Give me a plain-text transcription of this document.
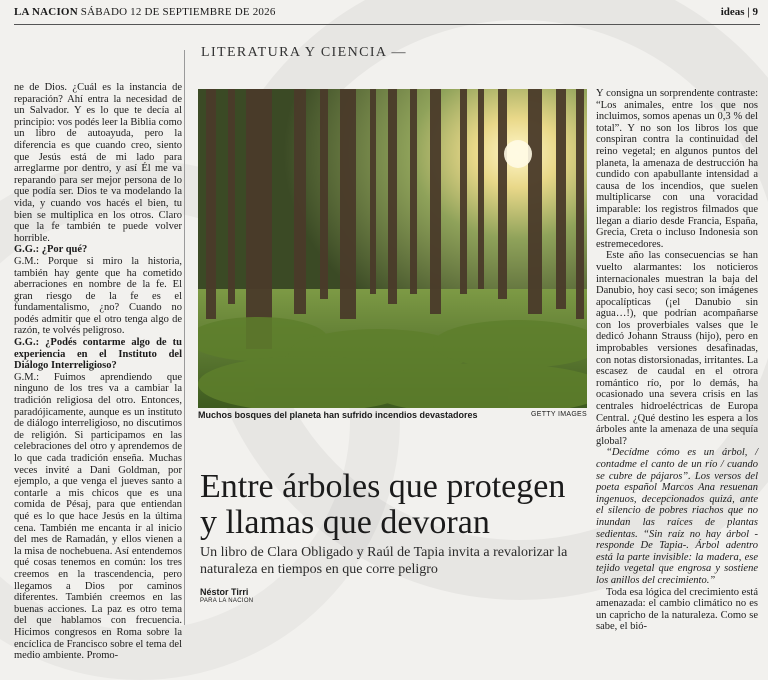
LA NACION SÁBADO 12 DE SEPTIEMBRE DE 2026	ideas | 9

ne de Dios. ¿Cuál es la instancia de reparación? Ahí entra la necesidad de un Salvador. Y es lo que te decía al principio: vos podés leer la Biblia como un libro de autoayuda, pero la diferencia es que cuando creo, siento que Jesús está de mi lado para arreglarme por dentro, y así Él me va reparando para ser mejor persona de lo que podía ser. Dios te va modelando la vida, y cuando vos hacés el bien, tu bien se multiplica en los otros. Claro que la fe también te puede volver horrible.

G.G.: ¿Por qué?

G.M.: Porque si miro la historia, también hay gente que ha cometido aberraciones en nombre de la fe. El gran riesgo de la fe es el fundamentalismo, ¿no? Cuando no podés admitir que el otro tenga algo de razón, te volvés peligroso.

G.G.: ¿Podés contarme algo de tu experiencia en el Instituto del Diálogo Interreligioso?

G.M.: Fuimos aprendiendo que ninguno de los tres va a cambiar la tradición religiosa del otro. Entonces, paradójicamente, aunque es un instituto de diálogo interreligioso, no discutimos de religión. Si participamos en las celebraciones del otro y aprendemos de lo que cada tradición enseña. Muchas veces invité a Dani Goldman, por ejemplo, a que venga el jueves santo a contarle a mis chicos que es una comida de Pésaj, para que entiendan qué es lo que hace Jesús en la última cena. También me encanta ir al inicio del mes de Ramadán, y ellos vienen a la misa de nochebuena. Así entendemos qué cosas tenemos en común: los tres creemos en la trascendencia, pero llegamos a Dios por caminos diferentes. También creemos en las buenas acciones. La paz es otro tema del que hablamos con frecuencia. Hicimos congresos en Roma sobre la encíclica de Francisco sobre el tema del medio ambiente. Promo-

LITERATURA Y CIENCIA —
Muchos bosques del planeta han sufrido incendios devastadores	GETTY IMAGES
Entre árboles que protegen y llamas que devoran
Un libro de Clara Obligado y Raúl de Tapia invita a revalorizar la naturaleza en tiempos en que corre peligro
Néstor Tirri
PARA LA NACION

Y consigna un sorprendente contraste: “Los animales, entre los que nos incluimos, somos apenas un 0,3 % del total”. Y no son los libros los que conspiran contra la continuidad del reino vegetal; en algunos puntos del planeta, la amenaza de destrucción ha cundido con apabullante intensidad a causa de los incendios, que suelen multiplicarse con una voracidad imparable: los registros filmados que llegan a diario desde Francia, España, Grecia, Creta o incluso Indonesia son estremecedores.

Este año las consecuencias se han vuelto alarmantes: los noticieros internacionales muestran la baja del Danubio, hoy casi seco; son imágenes apocalípticas (¡el Danubio sin agua…!), que podrían acompañarse con los proverbiales valses que le dedicó Johann Strauss (hijo), pero en improbables versiones desafinadas, con notas distorsionadas, irritantes. La escasez de caudal en el otrora romántico río, por lo demás, ha ocasionado una severa crisis en las centrales hidroeléctricas de Europa Central. ¿Qué destino les espera a los árboles ante la amenaza de una sequía global?

“Decídme cómo es un árbol, / contadme el canto de un río / cuando se cubre de pájaros”. Los versos del poeta español Marcos Ana resuenan ingenuos, decepcionados quizá, ante el silencio de pobres riachos que no inundan las raíces de plantas sedientas. “Sin raíz no hay árbol -responde De Tapia-. Árbol adentro está la parte invisible: la madera, ese tejido vegetal que engrosa y sostiene los anillos del crecimiento.”

Toda esa lógica del crecimiento está amenazada: el cambio climático no es un capricho de la naturaleza. Como se sabe, el bió-
